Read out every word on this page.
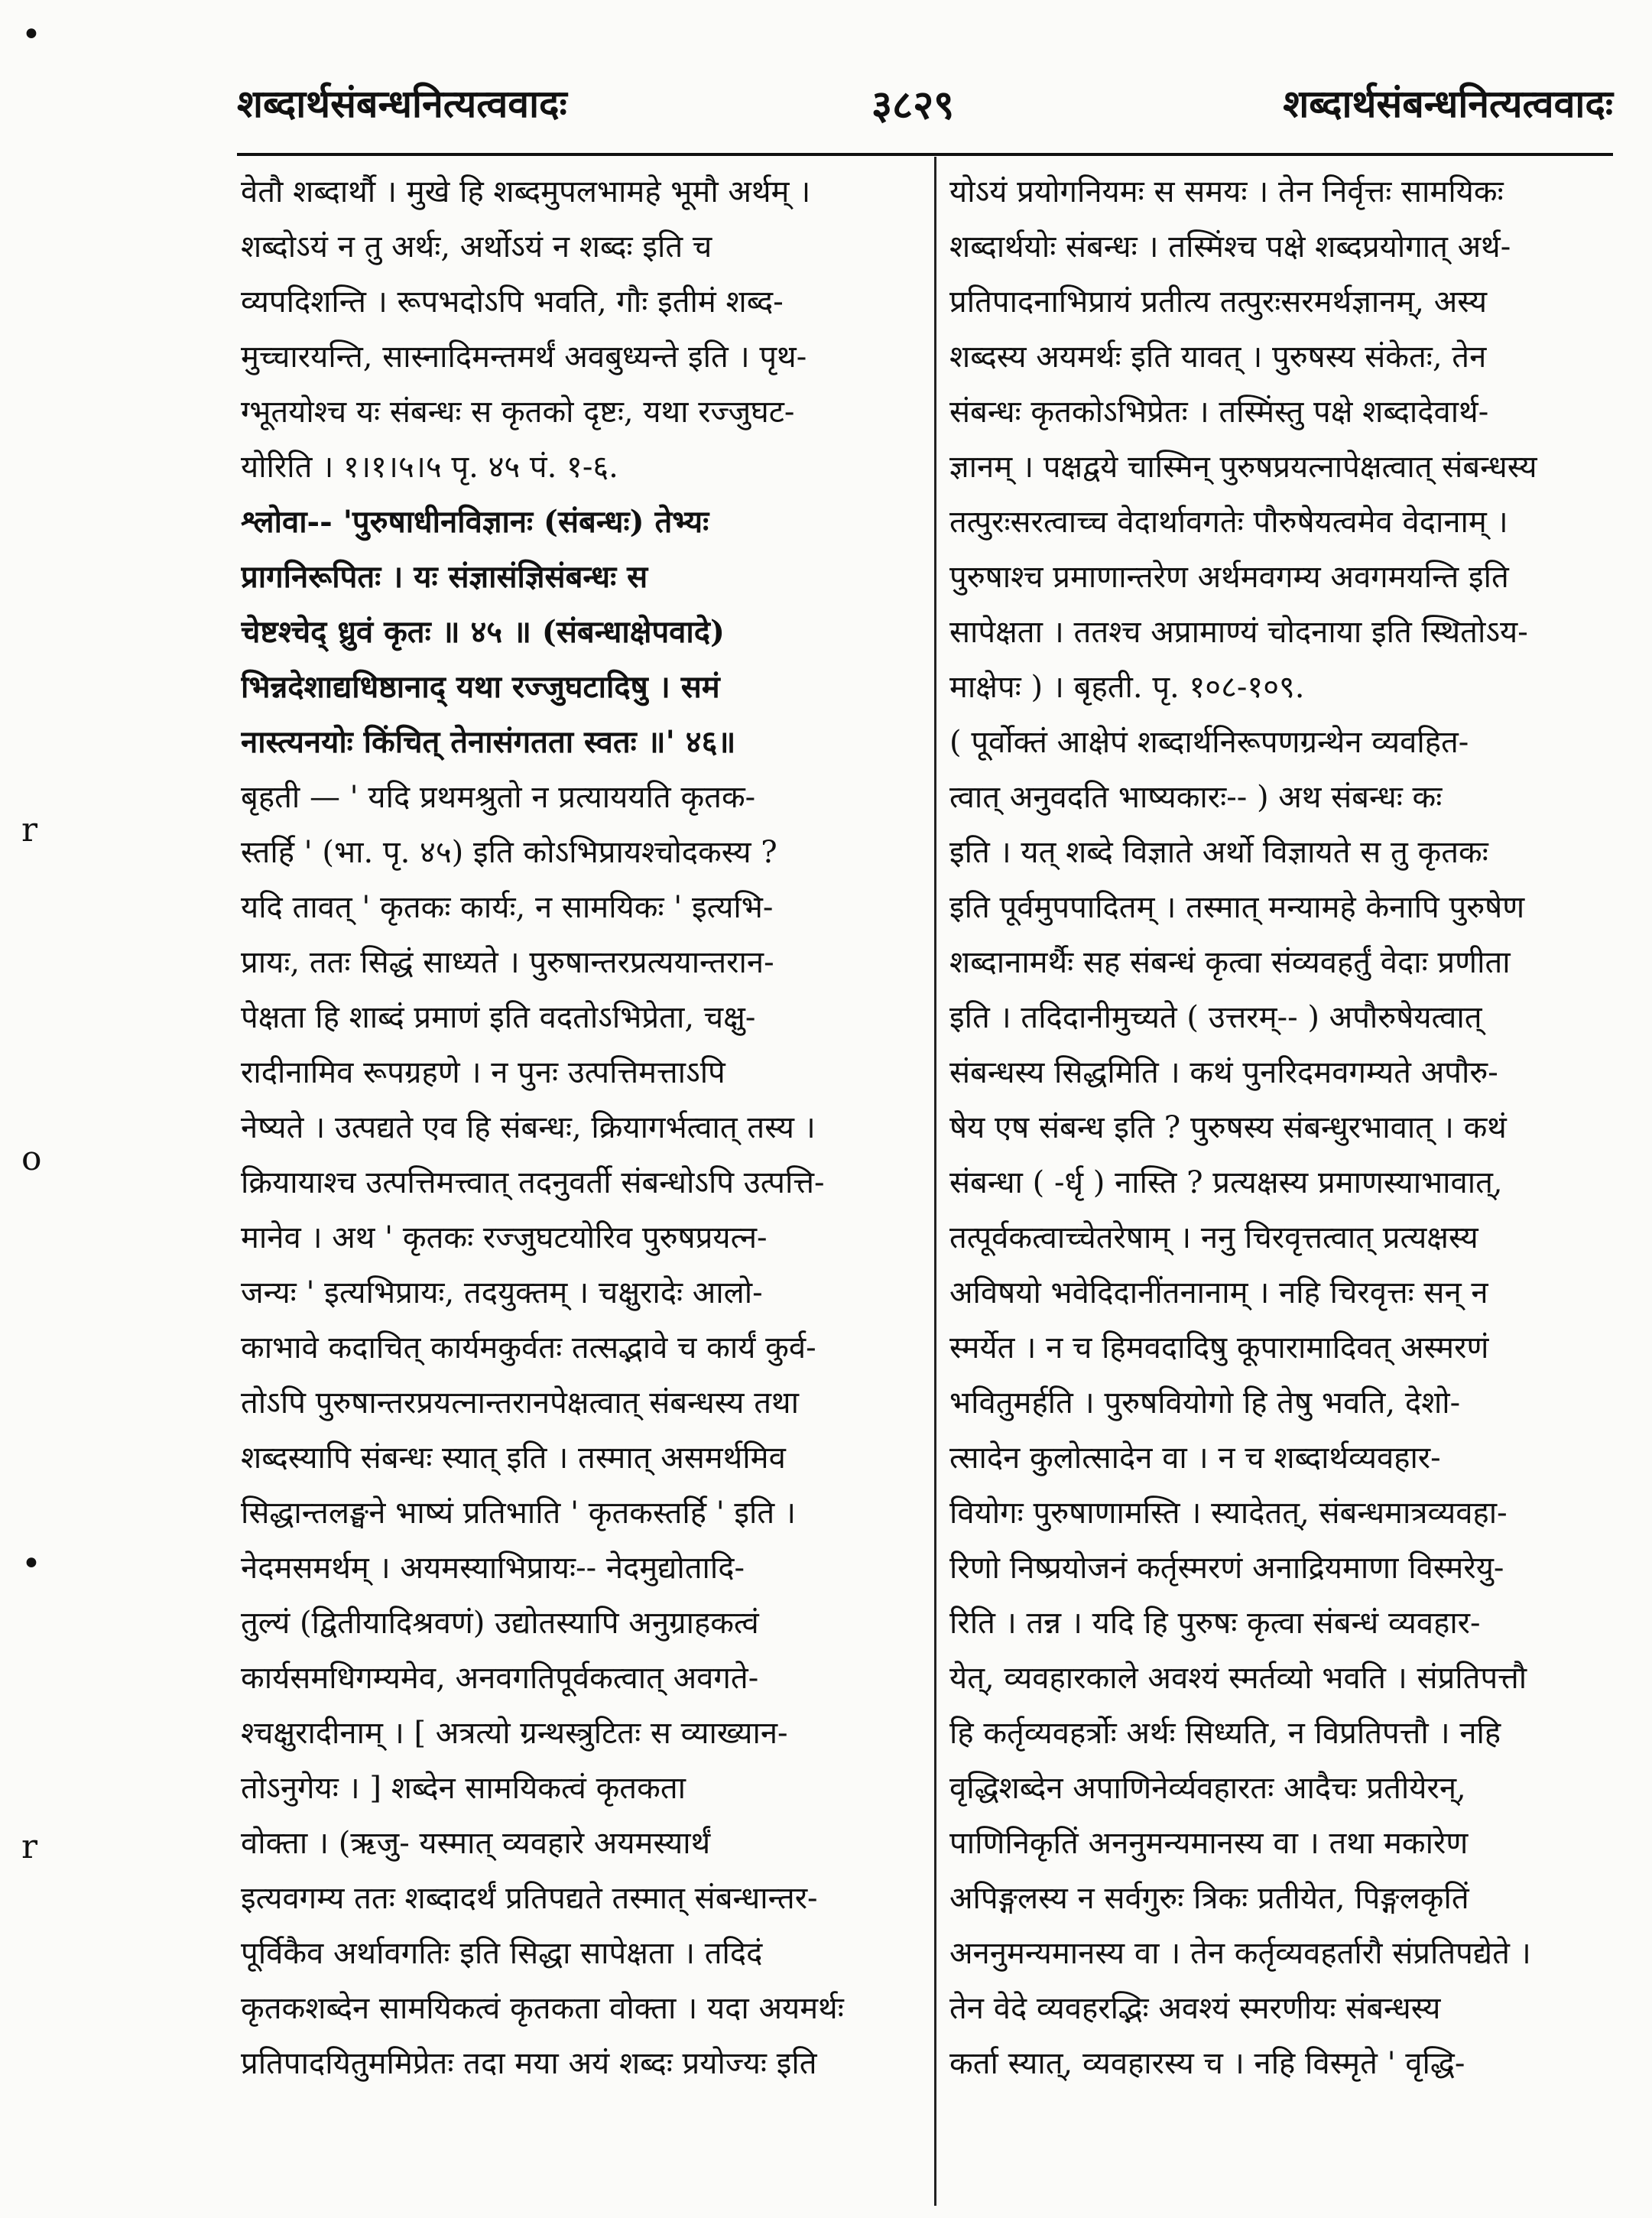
शब्दार्थसंबन्धनित्यत्ववादः	३८२९	शब्दार्थसंबन्धनित्यत्ववादः
•
r
o
•
r
वेतौ शब्दार्थौ । मुखे हि शब्दमुपलभामहे भूमौ अर्थम् ।
शब्दोऽयं न तु अर्थः, अर्थोऽयं न शब्दः इति च
व्यपदिशन्ति । रूपभदोऽपि भवति, गौः इतीमं शब्द-
मुच्चारयन्ति, सास्नादिमन्तमर्थं अवबुध्यन्ते इति । पृथ-
ग्भूतयोश्च यः संबन्धः स कृतको दृष्टः, यथा रज्जुघट-
योरिति । १।१।५।५ पृ. ४५ पं. १-६.
श्लोवा-- 'पुरुषाधीनविज्ञानः (संबन्धः) तेभ्यः
प्रागनिरूपितः । यः संज्ञासंज्ञिसंबन्धः स
चेष्टश्चेद् ध्रुवं कृतः ॥ ४५ ॥ (संबन्धाक्षेपवादे)
भिन्नदेशाद्यधिष्ठानाद् यथा रज्जुघटादिषु । समं
नास्त्यनयोः किंचित् तेनासंगतता स्वतः ॥' ४६॥
बृहती — ' यदि प्रथमश्रुतो न प्रत्याययति कृतक-
स्तर्हि ' (भा. पृ. ४५) इति कोऽभिप्रायश्चोदकस्य ?
यदि तावत् ' कृतकः कार्यः, न सामयिकः ' इत्यभि-
प्रायः, ततः सिद्धं साध्यते । पुरुषान्तरप्रत्ययान्तरान-
पेक्षता हि शाब्दं प्रमाणं इति वदतोऽभिप्रेता, चक्षु-
रादीनामिव रूपग्रहणे । न पुनः उत्पत्तिमत्ताऽपि
नेष्यते । उत्पद्यते एव हि संबन्धः, क्रियागर्भत्वात् तस्य ।
क्रियायाश्च उत्पत्तिमत्त्वात् तदनुवर्ती संबन्धोऽपि उत्पत्ति-
मानेव । अथ ' कृतकः रज्जुघटयोरिव पुरुषप्रयत्न-
जन्यः ' इत्यभिप्रायः, तदयुक्तम् । चक्षुरादेः आलो-
काभावे कदाचित् कार्यमकुर्वतः तत्सद्भावे च कार्यं कुर्व-
तोऽपि पुरुषान्तरप्रयत्नान्तरानपेक्षत्वात् संबन्धस्य तथा
शब्दस्यापि संबन्धः स्यात् इति । तस्मात् असमर्थमिव
सिद्धान्तलङ्घने भाष्यं प्रतिभाति ' कृतकस्तर्हि ' इति ।
नेदमसमर्थम् । अयमस्याभिप्रायः-- नेदमुद्योतादि-
तुल्यं (द्वितीयादिश्रवणं) उद्योतस्यापि अनुग्राहकत्वं
कार्यसमधिगम्यमेव, अनवगतिपूर्वकत्वात् अवगते-
श्चक्षुरादीनाम् । [ अत्रत्यो ग्रन्थस्त्रुटितः स व्याख्यान-
तोऽनुगेयः । ] शब्देन सामयिकत्वं कृतकता
वोक्ता । (ऋजु- यस्मात् व्यवहारे अयमस्यार्थं
इत्यवगम्य ततः शब्दादर्थं प्रतिपद्यते तस्मात् संबन्धान्तर-
पूर्विकैव अर्थावगतिः इति सिद्धा सापेक्षता । तदिदं
कृतकशब्देन सामयिकत्वं कृतकता वोक्ता । यदा अयमर्थः
प्रतिपादयितुममिप्रेतः तदा मया अयं शब्दः प्रयोज्यः इति
योऽयं प्रयोगनियमः स समयः । तेन निर्वृत्तः सामयिकः
शब्दार्थयोः संबन्धः । तस्मिंश्च पक्षे शब्दप्रयोगात् अर्थ-
प्रतिपादनाभिप्रायं प्रतीत्य तत्पुरःसरमर्थज्ञानम्, अस्य
शब्दस्य अयमर्थः इति यावत् । पुरुषस्य संकेतः, तेन
संबन्धः कृतकोऽभिप्रेतः । तस्मिंस्तु पक्षे शब्दादेवार्थ-
ज्ञानम् । पक्षद्वये चास्मिन् पुरुषप्रयत्नापेक्षत्वात् संबन्धस्य
तत्पुरःसरत्वाच्च वेदार्थावगतेः पौरुषेयत्वमेव वेदानाम् ।
पुरुषाश्च प्रमाणान्तरेण अर्थमवगम्य अवगमयन्ति इति
सापेक्षता । ततश्च अप्रामाण्यं चोदनाया इति स्थितोऽय-
माक्षेपः ) । बृहती. पृ. १०८-१०९.
( पूर्वोक्तं आक्षेपं शब्दार्थनिरूपणग्रन्थेन व्यवहित-
त्वात् अनुवदति भाष्यकारः-- ) अथ संबन्धः कः
इति । यत् शब्दे विज्ञाते अर्थो विज्ञायते स तु कृतकः
इति पूर्वमुपपादितम् । तस्मात् मन्यामहे केनापि पुरुषेण
शब्दानामर्थैः सह संबन्धं कृत्वा संव्यवहर्तुं वेदाः प्रणीता
इति । तदिदानीमुच्यते ( उत्तरम्-- ) अपौरुषेयत्वात्
संबन्धस्य सिद्धमिति । कथं पुनरिदमवगम्यते अपौरु-
षेय एष संबन्ध इति ? पुरुषस्य संबन्धुरभावात् । कथं
संबन्धा ( -र्धृ ) नास्ति ? प्रत्यक्षस्य प्रमाणस्याभावात्,
तत्पूर्वकत्वाच्चेतरेषाम् । ननु चिरवृत्तत्वात् प्रत्यक्षस्य
अविषयो भवेदिदानींतनानाम् । नहि चिरवृत्तः सन् न
स्मर्येत । न च हिमवदादिषु कूपारामादिवत् अस्मरणं
भवितुमर्हति । पुरुषवियोगो हि तेषु भवति, देशो-
त्सादेन कुलोत्सादेन वा । न च शब्दार्थव्यवहार-
वियोगः पुरुषाणामस्ति । स्यादेतत्, संबन्धमात्रव्यवहा-
रिणो निष्प्रयोजनं कर्तृस्मरणं अनाद्रियमाणा विस्मरेयु-
रिति । तन्न । यदि हि पुरुषः कृत्वा संबन्धं व्यवहार-
येत्, व्यवहारकाले अवश्यं स्मर्तव्यो भवति । संप्रतिपत्तौ
हि कर्तृव्यवहर्त्रोः अर्थः सिध्यति, न विप्रतिपत्तौ । नहि
वृद्धिशब्देन अपाणिनेर्व्यवहारतः आदैचः प्रतीयेरन्,
पाणिनिकृतिं अननुमन्यमानस्य वा । तथा मकारेण
अपिङ्गलस्य न सर्वगुरुः त्रिकः प्रतीयेत, पिङ्गलकृतिं
अननुमन्यमानस्य वा । तेन कर्तृव्यवहर्तारौ संप्रतिपद्येते ।
तेन वेदे व्यवहरद्भिः अवश्यं स्मरणीयः संबन्धस्य
कर्ता स्यात्, व्यवहारस्य च । नहि विस्मृते ' वृद्धि-
